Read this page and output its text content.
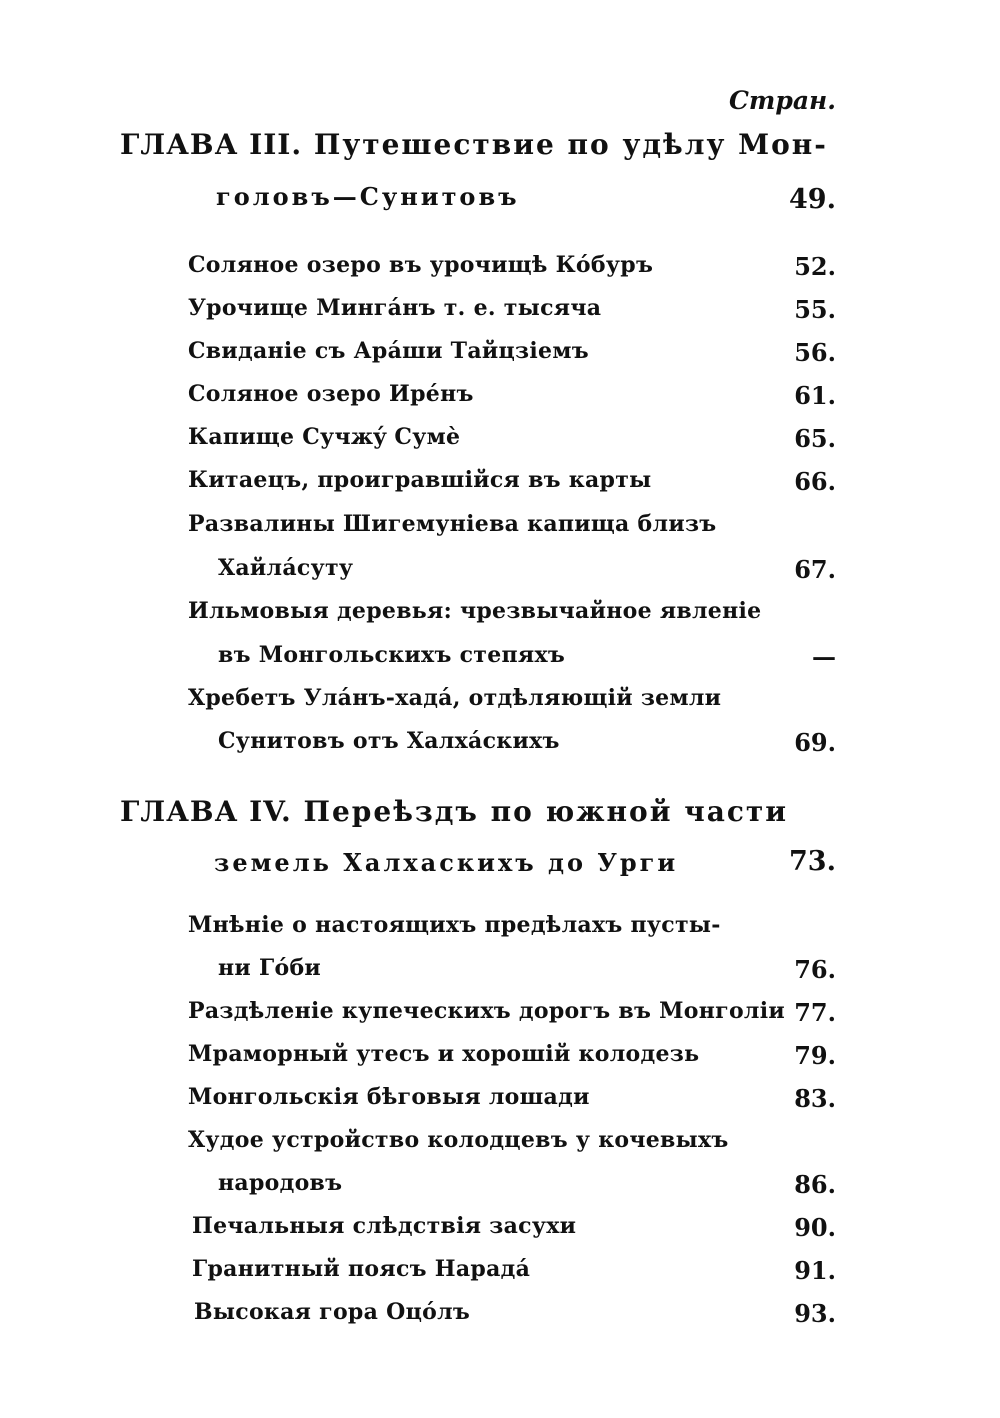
Стран.
ГЛАВА III. Путешествие по удѣлу Мон-
головъ—Сунитовъ	49.
Соляное озеро въ урочищѣ Кóбуръ	52.
Урочище Мингáнъ т. е. тысяча	55.
Свиданіе съ Арáши Тайцзіемъ	56.
Соляное озеро Ирéнъ	61.
Капище Сучжý Сумѐ	65.
Китаецъ, проигравшійся въ карты	66.
Развалины Шигемуніева капища близъ
Хайлáсуту	67.
Ильмовыя деревья: чрезвычайное явленіе
въ Монгольскихъ степяхъ	—
Хребетъ Улáнъ-хадá, отдѣляющій земли
Сунитовъ отъ Халхáскихъ	69.
ГЛАВА IV. Переѣздъ по южной части
земель Халхаскихъ до Урги	73.
Мнѣніе о настоящихъ предѣлахъ пусты-
ни Гóби	76.
Раздѣленіе купеческихъ дорогъ въ Монголіи 77.
Мраморный утесъ и хорошій колодезь	79.
Монгольскія бѣговыя лошади	83.
Худое устройство колодцевъ у кочевыхъ
народовъ	86.
Печальныя слѣдствія засухи	90.
Гранитный поясъ Нарадá	91.
Высокая гора Оцóлъ	93.
